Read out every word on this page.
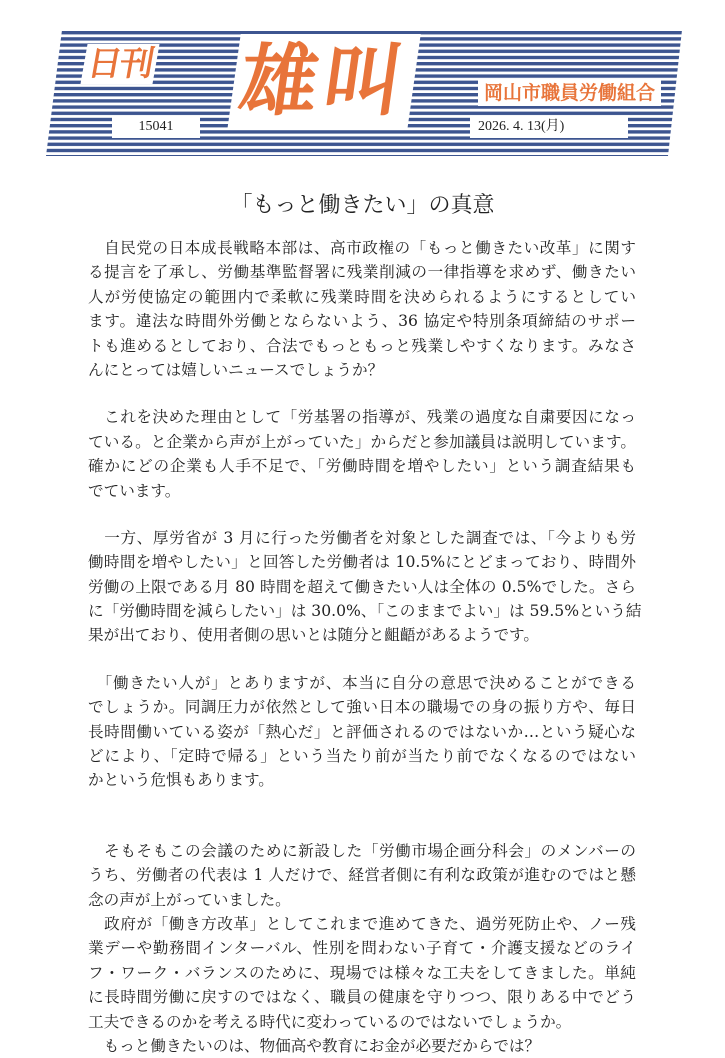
日刊 雄叫	岡山市職員労働組合
15041	2026. 4. 13(月)
「もっと働きたい」の真意
　自民党の日本成長戦略本部は、高市政権の「もっと働きたい改革」に関す
る提言を了承し、労働基準監督署に残業削減の一律指導を求めず、働きたい
人が労使協定の範囲内で柔軟に残業時間を決められるようにするとしてい
ます。違法な時間外労働とならないよう、36 協定や特別条項締結のサポー
トも進めるとしており、合法でもっともっと残業しやすくなります。みなさ
んにとっては嬉しいニュースでしょうか？
　これを決めた理由として「労基署の指導が、残業の過度な自粛要因になっ
ている。と企業から声が上がっていた」からだと参加議員は説明しています。
確かにどの企業も人手不足で、「労働時間を増やしたい」という調査結果も
でています。
　一方、厚労省が 3 月に行った労働者を対象とした調査では、「今よりも労
働時間を増やしたい」と回答した労働者は 10.5%にとどまっており、時間外
労働の上限である月 80 時間を超えて働きたい人は全体の 0.5%でした。さら
に「労働時間を減らしたい」は 30.0%、「このままでよい」は 59.5%という結
果が出ており、使用者側の思いとは随分と齟齬があるようです。
　「働きたい人が」とありますが、本当に自分の意思で決めることができる
でしょうか。同調圧力が依然として強い日本の職場での身の振り方や、毎日
長時間働いている姿が「熱心だ」と評価されるのではないか…という疑心な
どにより、「定時で帰る」という当たり前が当たり前でなくなるのではない
かという危惧もあります。
　そもそもこの会議のために新設した「労働市場企画分科会」のメンバーの
うち、労働者の代表は 1 人だけで、経営者側に有利な政策が進むのではと懸
念の声が上がっていました。
　政府が「働き方改革」としてこれまで進めてきた、過労死防止や、ノー残
業デーや勤務間インターバル、性別を問わない子育て・介護支援などのライ
フ・ワーク・バランスのために、現場では様々な工夫をしてきました。単純
に長時間労働に戻すのではなく、職員の健康を守りつつ、限りある中でどう
工夫できるのかを考える時代に変わっているのではないでしょうか。
　もっと働きたいのは、物価高や教育にお金が必要だからでは？
